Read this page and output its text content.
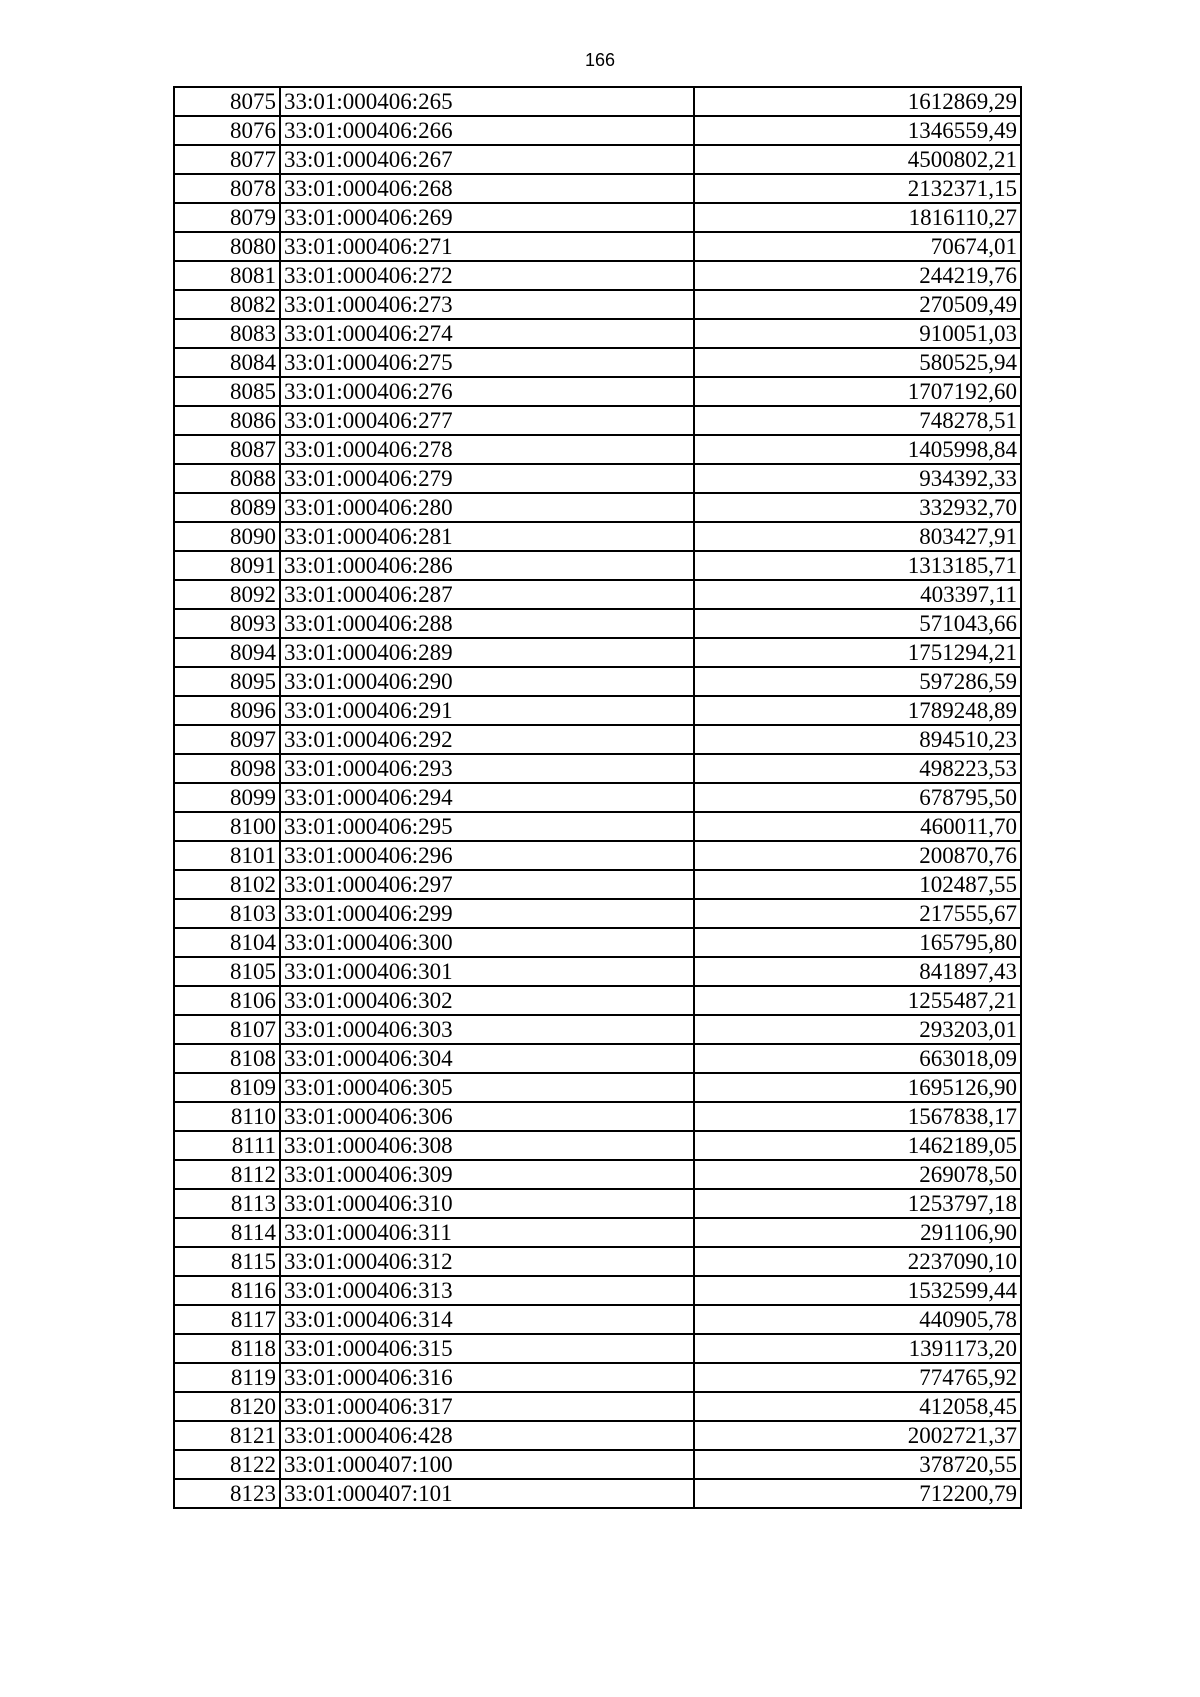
166
8075	33:01:000406:265	1612869,29
8076	33:01:000406:266	1346559,49
8077	33:01:000406:267	4500802,21
8078	33:01:000406:268	2132371,15
8079	33:01:000406:269	1816110,27
8080	33:01:000406:271	70674,01
8081	33:01:000406:272	244219,76
8082	33:01:000406:273	270509,49
8083	33:01:000406:274	910051,03
8084	33:01:000406:275	580525,94
8085	33:01:000406:276	1707192,60
8086	33:01:000406:277	748278,51
8087	33:01:000406:278	1405998,84
8088	33:01:000406:279	934392,33
8089	33:01:000406:280	332932,70
8090	33:01:000406:281	803427,91
8091	33:01:000406:286	1313185,71
8092	33:01:000406:287	403397,11
8093	33:01:000406:288	571043,66
8094	33:01:000406:289	1751294,21
8095	33:01:000406:290	597286,59
8096	33:01:000406:291	1789248,89
8097	33:01:000406:292	894510,23
8098	33:01:000406:293	498223,53
8099	33:01:000406:294	678795,50
8100	33:01:000406:295	460011,70
8101	33:01:000406:296	200870,76
8102	33:01:000406:297	102487,55
8103	33:01:000406:299	217555,67
8104	33:01:000406:300	165795,80
8105	33:01:000406:301	841897,43
8106	33:01:000406:302	1255487,21
8107	33:01:000406:303	293203,01
8108	33:01:000406:304	663018,09
8109	33:01:000406:305	1695126,90
8110	33:01:000406:306	1567838,17
8111	33:01:000406:308	1462189,05
8112	33:01:000406:309	269078,50
8113	33:01:000406:310	1253797,18
8114	33:01:000406:311	291106,90
8115	33:01:000406:312	2237090,10
8116	33:01:000406:313	1532599,44
8117	33:01:000406:314	440905,78
8118	33:01:000406:315	1391173,20
8119	33:01:000406:316	774765,92
8120	33:01:000406:317	412058,45
8121	33:01:000406:428	2002721,37
8122	33:01:000407:100	378720,55
8123	33:01:000407:101	712200,79
